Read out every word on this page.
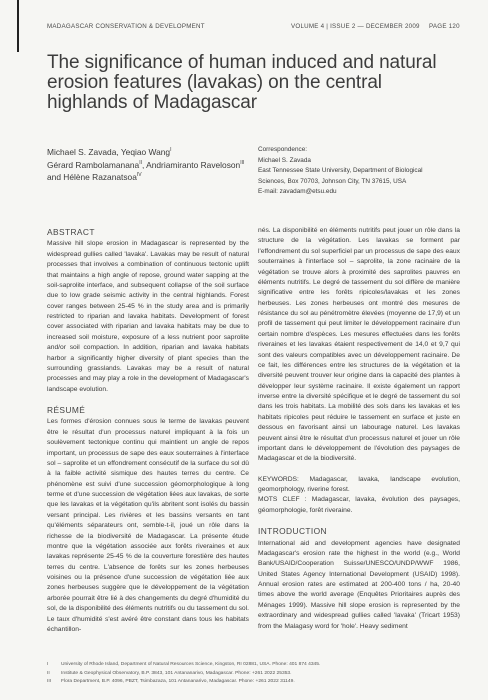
MADAGASCAR CONSERVATION & DEVELOPMENT	VOLUME 4 | ISSUE 2 — DECEMBER 2009 PAGE 120
The significance of human induced and natural erosion features (lavakas) on the central highlands of Madagascar
Michael S. Zavada, Yeqiao Wang$^I$
Gérard Rambolamanana$^{II}$, Andriamiranto Raveloson$^{III}$
and Hélène Razanatsoa$^{IV}$
Correspondence:
Michael S. Zavada
East Tennessee State University, Department of Biological
Sciences, Box 70703, Johnson City, TN 37615, USA
E-mail: zavadam@etsu.edu
ABSTRACT

Massive hill slope erosion in Madagascar is represented by the widespread gullies called 'lavaka'. Lavakas may be result of natural processes that involves a combination of continuous tectonic uplift that maintains a high angle of repose, ground water sapping at the soil-saprolite interface, and subsequent collapse of the soil surface due to low grade seismic activity in the central highlands. Forest cover ranges between 25-45 % in the study area and is primarily restricted to riparian and lavaka habitats. Development of forest cover associated with riparian and lavaka habitats may be due to increased soil moisture, exposure of a less nutrient poor saprolite and/or soil compaction. In addition, riparian and lavaka habitats harbor a significantly higher diversity of plant species than the surrounding grasslands. Lavakas may be a result of natural processes and may play a role in the development of Madagascar's landscape evolution.

RÉSUMÉ

Les formes d'érosion connues sous le terme de lavakas peuvent être le résultat d'un processus naturel impliquant à la fois un soulèvement tectonique continu qui maintient un angle de repos important, un processus de sape des eaux souterraines à l'interface sol – saprolite et un effondrement consécutif de la surface du sol dû à la faible activité sismique des hautes terres du centre. Ce phénomène est suivi d'une succession géomorphologique à long terme et d'une succession de végétation liées aux lavakas, de sorte que les lavakas et la végétation qu'ils abritent sont isolés du bassin versant principal. Les rivières et les bassins versants en tant qu'éléments séparateurs ont, semble-t-il, joué un rôle dans la richesse de la biodiversité de Madagascar. La présente étude montre que la végétation associée aux forêts riveraines et aux lavakas représente 25-45 % de la couverture forestière des hautes terres du centre. L'absence de forêts sur les zones herbeuses voisines ou la présence d'une succession de végétation liée aux zones herbeuses suggère que le développement de la végétation arborée pourrait être lié à des changements du degré d'humidité du sol, de la disponibilité des éléments nutritifs ou du tassement du sol. Le taux d'humidité s'est avéré être constant dans tous les habitats échantillon-

nés. La disponibilité en éléments nutritifs peut jouer un rôle dans la structure de la végétation. Les lavakas se forment par l'effondrement du sol superficiel par un processus de sape des eaux souterraines à l'interface sol – saprolite, la zone racinaire de la végétation se trouve alors à proximité des saprolites pauvres en éléments nutritifs. Le degré de tassement du sol diffère de manière significative entre les forêts ripicoles/lavakas et les zones herbeuses. Les zones herbeuses ont montré des mesures de résistance du sol au pénétromètre élevées (moyenne de 17,9) et un profil de tassement qui peut limiter le développement racinaire d'un certain nombre d'espèces. Les mesures effectuées dans les forêts riveraines et les lavakas étaient respectivement de 14,0 et 9,7 qui sont des valeurs compatibles avec un développement racinaire. De ce fait, les différences entre les structures de la végétation et la diversité peuvent trouver leur origine dans la capacité des plantes à développer leur système racinaire. Il existe également un rapport inverse entre la diversité spécifique et le degré de tassement du sol dans les trois habitats. La mobilité des sols dans les lavakas et les habitats ripicoles peut réduire le tassement en surface et juste en dessous en favorisant ainsi un labourage naturel. Les lavakas peuvent ainsi être le résultat d'un processus naturel et jouer un rôle important dans le développement de l'évolution des paysages de Madagascar et de la biodiversité.

KEYWORDS: Madagascar, lavaka, landscape evolution, geomorphology, riverine forest.

MOTS CLEF : Madagascar, lavaka, évolution des paysages, géomorphologie, forêt riveraine.

INTRODUCTION

International aid and development agencies have designated Madagascar's erosion rate the highest in the world (e.g., World Bank/USAID/Cooperation Suisse/UNESCO/UNDP/WWF 1986, United States Agency International Development (USAID) 1998). Annual erosion rates are estimated at 200-400 tons / ha, 20-40 times above the world average (Enquêtes Prioritaires auprès des Ménages 1999). Massive hill slope erosion is represented by the extraordinary and widespread gullies called 'lavaka' (Tricart 1953) from the Malagasy word for 'hole'. Heavy sediment

I	University of Rhode Island, Department of Natural Resources Science, Kingston, RI 02881, USA. Phone: 401 874 4345.
II Institute & Geophysical Observatory, B.P. 3843, 101 Antananarivo, Madagascar. Phone: +261 2022 25353.
III Flora Department, B.P. 4096, PBZT, Tsimbazaza, 101 Antananarivo, Madagascar. Phone: +261 2022 31149.
